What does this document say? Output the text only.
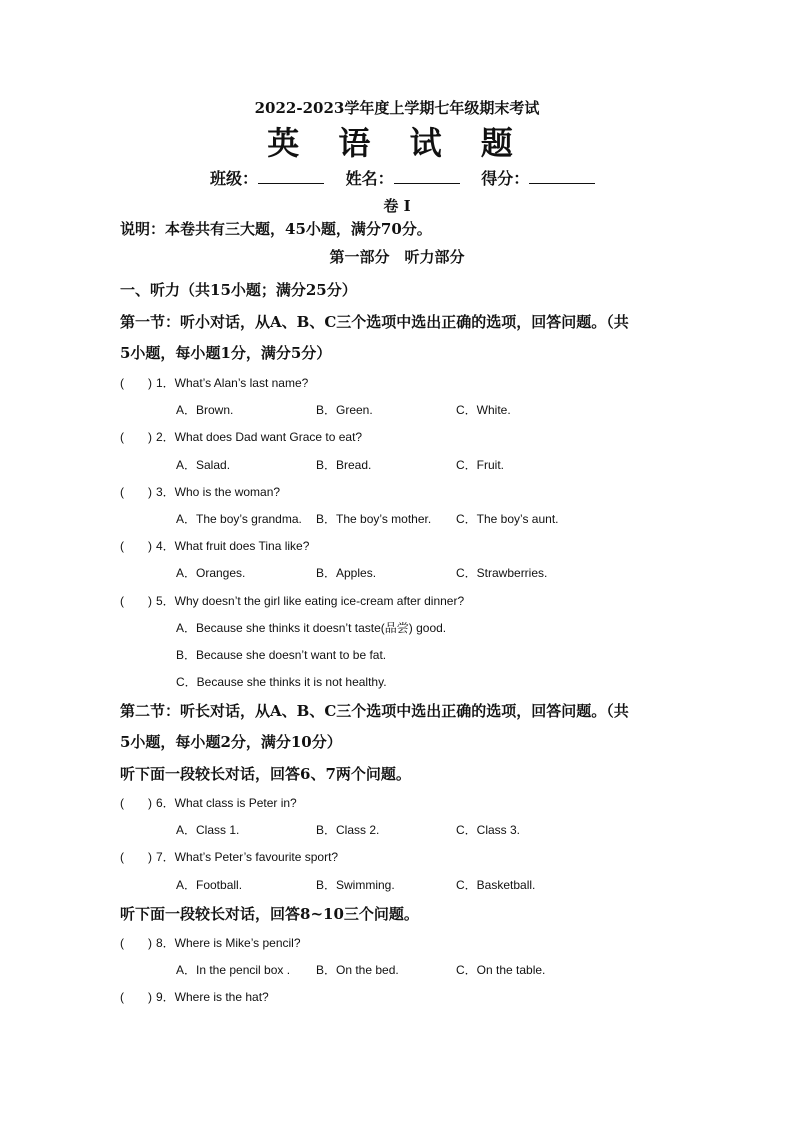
2022-2023学年度上学期七年级期末考试
英 语 试 题
班级：	姓名：	得分：
卷 I
说明：本卷共有三大题，45小题，满分70分。
第一部分　听力部分
一、听力（共15小题；满分25分）
第一节：听小对话，从A、B、C三个选项中选出正确的选项，回答问题。（共
5小题，每小题1分，满分5分）
(　　) 1．What’s Alan’s last name?
A．Brown.	B．Green.	C．White.
(　　) 2．What does Dad want Grace to eat?
A．Salad.	B．Bread.	C．Fruit.
(　　) 3．Who is the woman?
A．The boy’s grandma. B．The boy’s mother. C．The boy’s aunt.
(　　) 4．What fruit does Tina like?
A．Oranges.	B．Apples.	C．Strawberries.
(　　) 5．Why doesn’t the girl like eating ice-cream after dinner?
A．Because she thinks it doesn’t taste(品尝) good.
B．Because she doesn’t want to be fat.
C．Because she thinks it is not healthy.
第二节：听长对话，从A、B、C三个选项中选出正确的选项，回答问题。（共
5小题，每小题2分，满分10分）
听下面一段较长对话，回答6、7两个问题。
(　　) 6．What class is Peter in?
A．Class 1.	B．Class 2.	C．Class 3.
(　　) 7．What’s Peter’s favourite sport?
A．Football.	B．Swimming.	C．Basketball.
听下面一段较长对话，回答8~10三个问题。
(　　) 8．Where is Mike’s pencil?
A．In the pencil box . B．On the bed.	C．On the table.
(　　) 9．Where is the hat?
